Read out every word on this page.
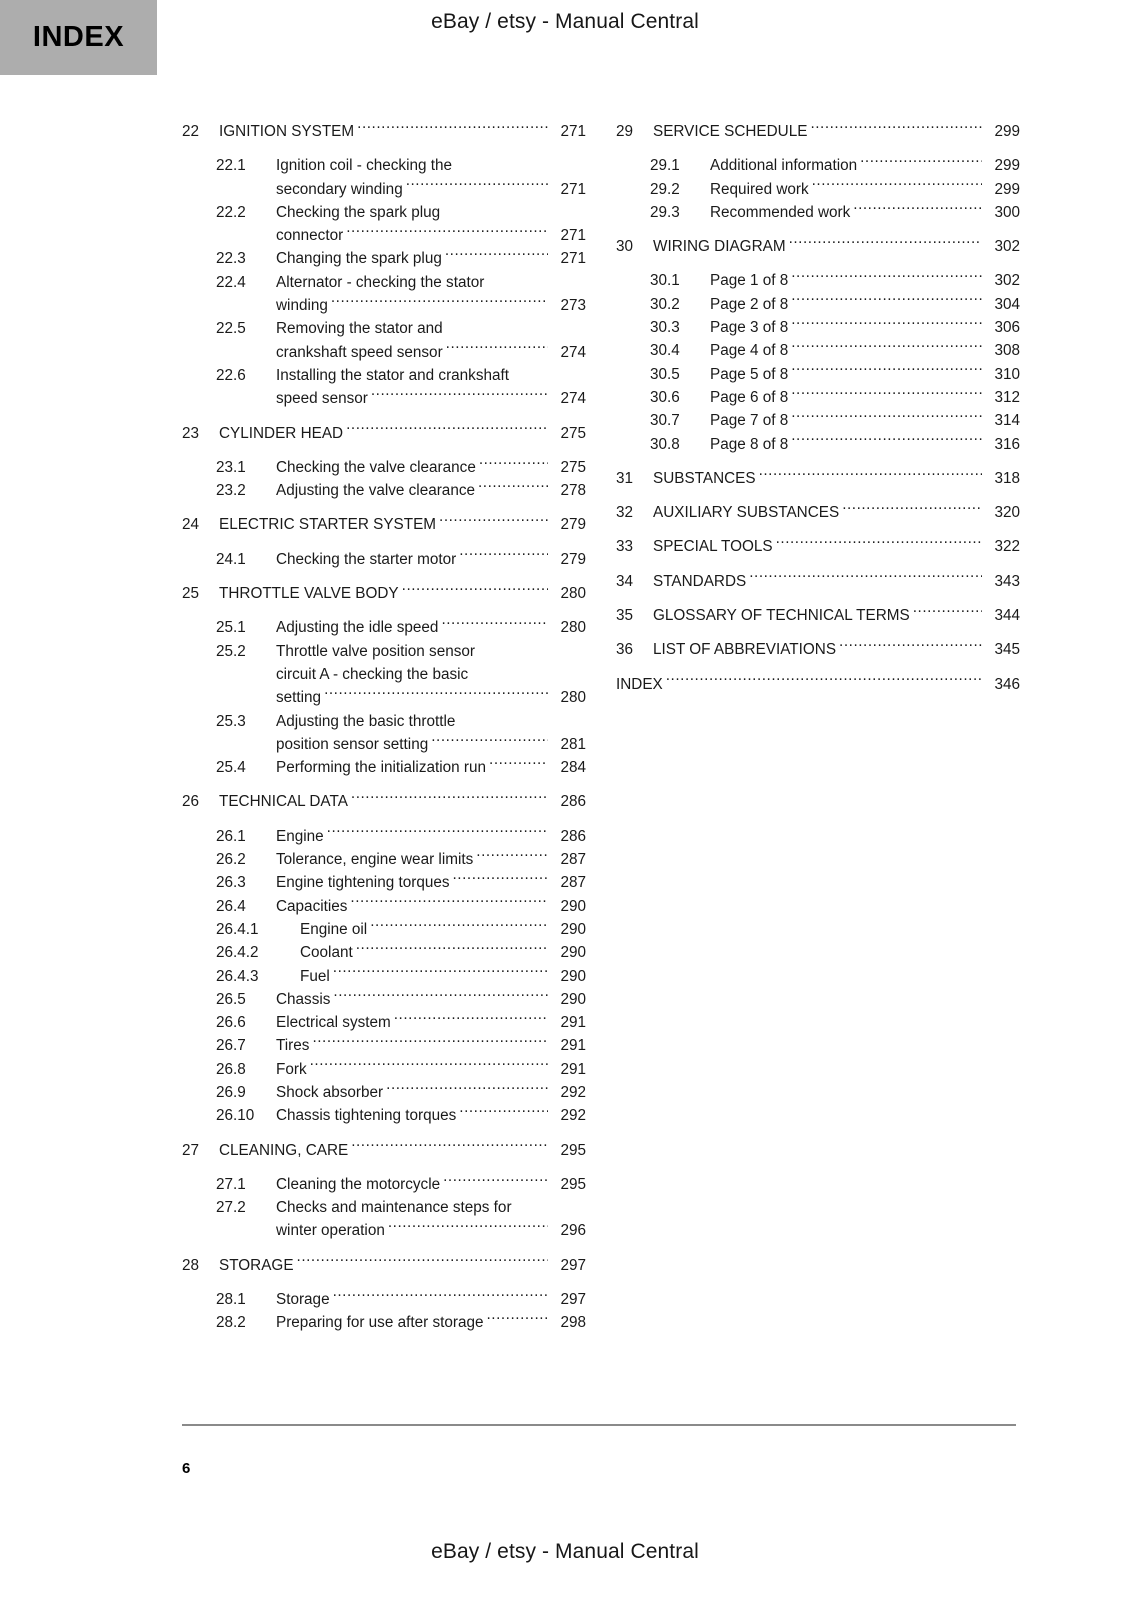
INDEX	eBay / etsy - Manual Central
22	IGNITION SYSTEM .....	271
22.1	Ignition coil - checking the
secondary winding .....	271
22.2	Checking the spark plug
connector .....	271
22.3	Changing the spark plug .....	271
22.4	Alternator - checking the stator
winding .....	273
22.5	Removing the stator and
crankshaft speed sensor .....	274
22.6	Installing the stator and crankshaft
speed sensor .....	274
23	CYLINDER HEAD .....	275
23.1	Checking the valve clearance .....	275
23.2	Adjusting the valve clearance .....	278
24	ELECTRIC STARTER SYSTEM .....	279
24.1	Checking the starter motor .....	279
25	THROTTLE VALVE BODY .....	280
25.1	Adjusting the idle speed .....	280
25.2	Throttle valve position sensor
circuit A - checking the basic
setting .....	280
25.3	Adjusting the basic throttle
position sensor setting .....	281
25.4	Performing the initialization run .....	284
26	TECHNICAL DATA .....	286
26.1	Engine .....	286
26.2	Tolerance, engine wear limits .....	287
26.3	Engine tightening torques .....	287
26.4	Capacities .....	290
26.4.1	Engine oil .....	290
26.4.2	Coolant .....	290
26.4.3	Fuel .....	290
26.5	Chassis .....	290
26.6	Electrical system .....	291
26.7	Tires .....	291
26.8	Fork .....	291
26.9	Shock absorber .....	292
26.10	Chassis tightening torques .....	292
27	CLEANING, CARE .....	295
27.1	Cleaning the motorcycle .....	295
27.2	Checks and maintenance steps for
winter operation .....	296
28	STORAGE .....	297
28.1	Storage .....	297
28.2	Preparing for use after storage .....	298
29	SERVICE SCHEDULE .....	299
29.1	Additional information .....	299
29.2	Required work .....	299
29.3	Recommended work .....	300
30	WIRING DIAGRAM .....	302
30.1	Page 1 of 8 .....	302
30.2	Page 2 of 8 .....	304
30.3	Page 3 of 8 .....	306
30.4	Page 4 of 8 .....	308
30.5	Page 5 of 8 .....	310
30.6	Page 6 of 8 .....	312
30.7	Page 7 of 8 .....	314
30.8	Page 8 of 8 .....	316
31	SUBSTANCES .....	318
32	AUXILIARY SUBSTANCES .....	320
33	SPECIAL TOOLS .....	322
34	STANDARDS .....	343
35	GLOSSARY OF TECHNICAL TERMS .....	344
36	LIST OF ABBREVIATIONS .....	345
INDEX .....	346
6
eBay / etsy - Manual Central
